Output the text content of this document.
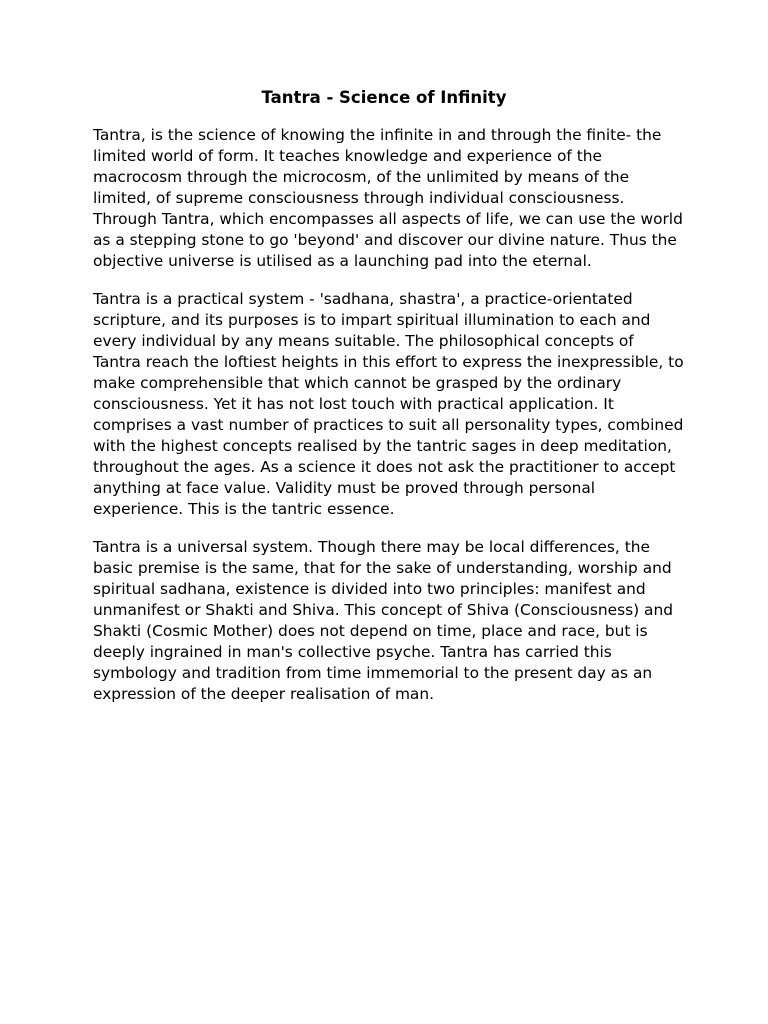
Tantra - Science of Infinity

Tantra, is the science of knowing the infinite in and through the finite- the limited world of form. It teaches knowledge and experience of the macrocosm through the microcosm, of the unlimited by means of the limited, of supreme consciousness through individual consciousness. Through Tantra, which encompasses all aspects of life, we can use the world as a stepping stone to go 'beyond' and discover our divine nature. Thus the objective universe is utilised as a launching pad into the eternal.

Tantra is a practical system - 'sadhana, shastra', a practice-orientated scripture, and its purposes is to impart spiritual illumination to each and every individual by any means suitable. The philosophical concepts of Tantra reach the loftiest heights in this effort to express the inexpressible, to make comprehensible that which cannot be grasped by the ordinary consciousness. Yet it has not lost touch with practical application. It comprises a vast number of practices to suit all personality types, combined with the highest concepts realised by the tantric sages in deep meditation, throughout the ages. As a science it does not ask the practitioner to accept anything at face value. Validity must be proved through personal experience. This is the tantric essence.

Tantra is a universal system. Though there may be local differences, the basic premise is the same, that for the sake of understanding, worship and spiritual sadhana, existence is divided into two principles: manifest and unmanifest or Shakti and Shiva. This concept of Shiva (Consciousness) and Shakti (Cosmic Mother) does not depend on time, place and race, but is deeply ingrained in man's collective psyche. Tantra has carried this symbology and tradition from time immemorial to the present day as an expression of the deeper realisation of man.
